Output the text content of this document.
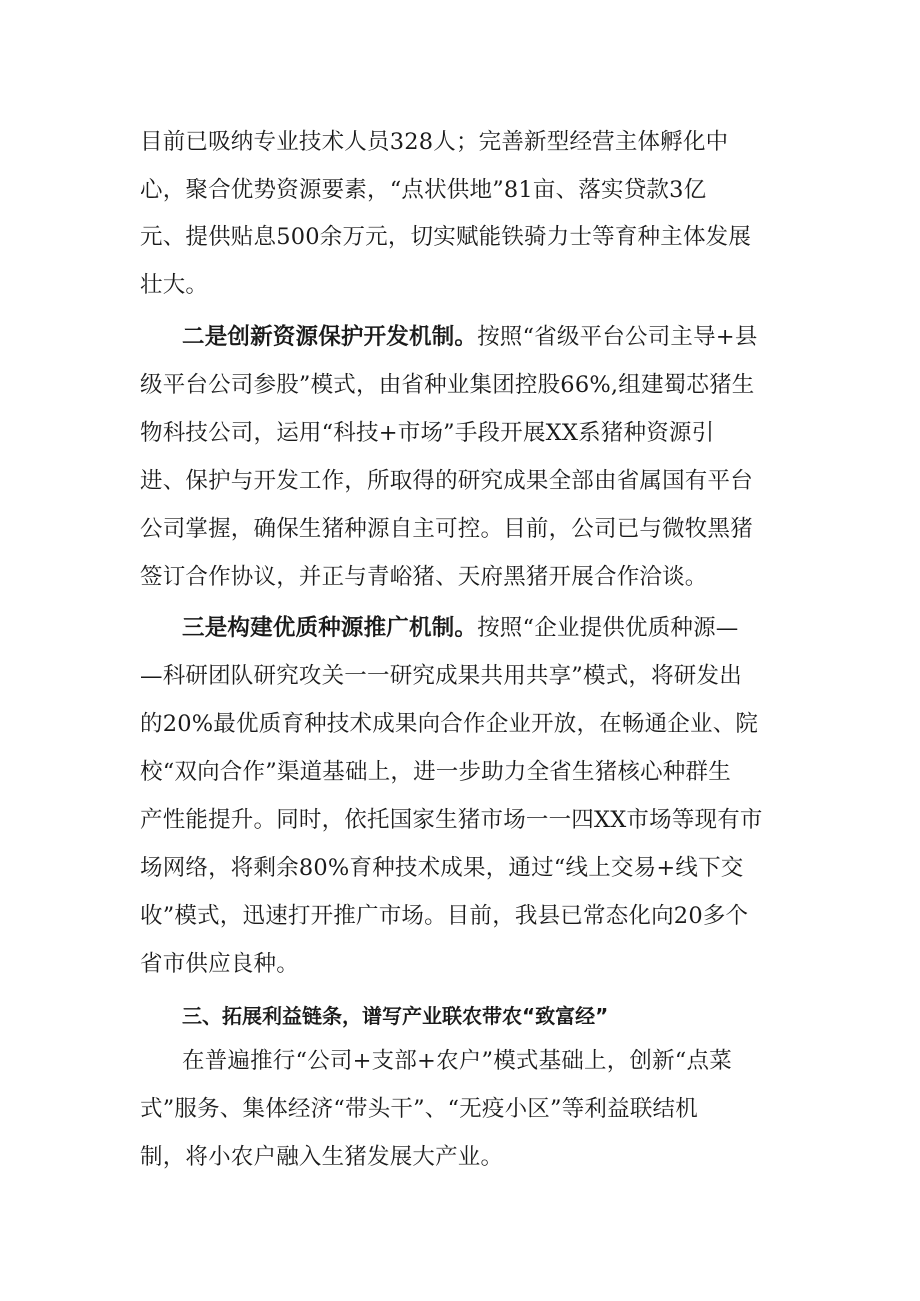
目前已吸纳专业技术人员328人；完善新型经营主体孵化中
心，聚合优势资源要素，“点状供地”81亩、落实贷款3亿
元、提供贴息500余万元，切实赋能铁骑力士等育种主体发展
壮大。
二是创新资源保护开发机制。按照“省级平台公司主导+县
级平台公司参股”模式，由省种业集团控股66%,组建蜀芯猪生
物科技公司，运用“科技+市场”手段开展XX系猪种资源引
进、保护与开发工作，所取得的研究成果全部由省属国有平台
公司掌握，确保生猪种源自主可控。目前，公司已与微牧黑猪
签订合作协议，并正与青峪猪、天府黑猪开展合作洽谈。
三是构建优质种源推广机制。按照“企业提供优质种源—
—科研团队研究攻关一一研究成果共用共享”模式，将研发出
的20%最优质育种技术成果向合作企业开放，在畅通企业、院
校“双向合作”渠道基础上，进一步助力全省生猪核心种群生
产性能提升。同时，依托国家生猪市场一一四XX市场等现有市
场网络，将剩余80%育种技术成果，通过“线上交易+线下交
收”模式，迅速打开推广市场。目前，我县已常态化向20多个
省市供应良种。
三、拓展利益链条，谱写产业联农带农“致富经”
在普遍推行“公司+支部+农户”模式基础上，创新“点菜
式”服务、集体经济“带头干”、“无疫小区”等利益联结机
制，将小农户融入生猪发展大产业。
